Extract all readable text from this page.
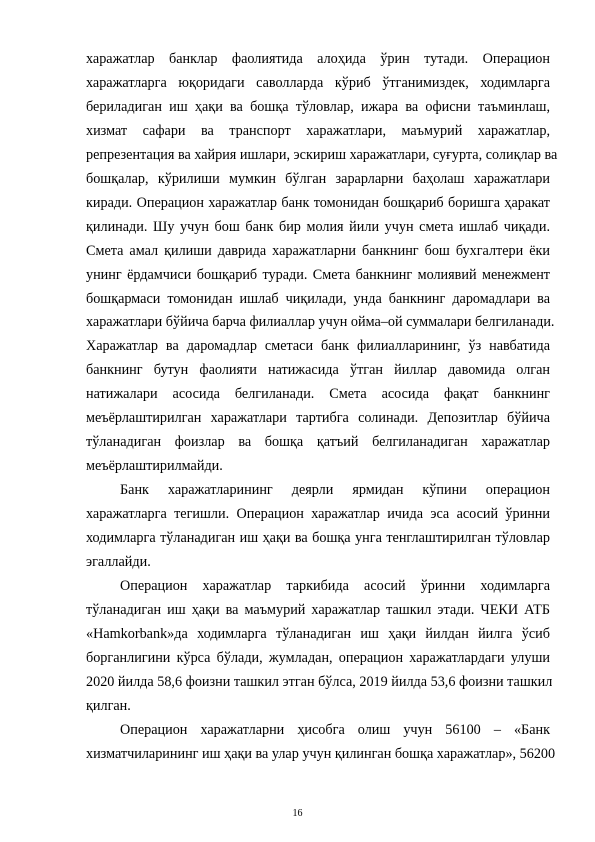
харажатлар банклар фаолиятида алоҳида ўрин тутади. Операцион
харажатларга юқоридаги саволларда кўриб ўтганимиздек, ходимларга
бериладиган иш ҳақи ва бошқа тўловлар, ижара ва офисни таъминлаш,
хизмат сафари ва транспорт харажатлари, маъмурий харажатлар,
репрезентация ва хайрия ишлари, эскириш харажатлари, суғурта, солиқлар ва
бошқалар, кўрилиши мумкин бўлган зарарларни баҳолаш харажатлари
киради. Операцион харажатлар банк томонидан бошқариб боришга ҳаракат
қилинади. Шу учун бош банк бир молия йили учун смета ишлаб чиқади.
Смета амал қилиши даврида харажатларни банкнинг бош бухгалтери ёки
унинг ёрдамчиси бошқариб туради. Смета банкнинг молиявий менежмент
бошқармаси томонидан ишлаб чиқилади, унда банкнинг даромадлари ва
харажатлари бўйича барча филиаллар учун ойма–ой суммалари белгиланади.
Харажатлар ва даромадлар сметаси банк филиалларининг, ўз навбатида
банкнинг бутун фаолияти натижасида ўтган йиллар давомида олган
натижалари асосида белгиланади. Смета асосида фақат банкнинг
меъёрлаштирилган харажатлари тартибга солинади. Депозитлар бўйича
тўланадиган фоизлар ва бошқа қатъий белгиланадиган харажатлар
меъёрлаштирилмайди.
Банк харажатларининг деярли ярмидан кўпини операцион
харажатларга тегишли. Операцион харажатлар ичида эса асосий ўринни
ходимларга тўланадиган иш ҳақи ва бошқа унга тенглаштирилган тўловлар
эгаллайди.
Операцион харажатлар таркибида асосий ўринни ходимларга
тўланадиган иш ҳақи ва маъмурий харажатлар ташкил этади. ЧЕКИ АТБ
«Hamkorbank»да ходимларга тўланадиган иш ҳақи йилдан йилга ўсиб
борганлигини кўрса бўлади, жумладан, операцион харажатлардаги улуши
2020 йилда 58,6 фоизни ташкил этган бўлса, 2019 йилда 53,6 фоизни ташкил
қилган.
Операцион харажатларни ҳисобга олиш учун 56100 – «Банк
хизматчиларининг иш ҳақи ва улар учун қилинган бошқа харажатлар», 56200
16
